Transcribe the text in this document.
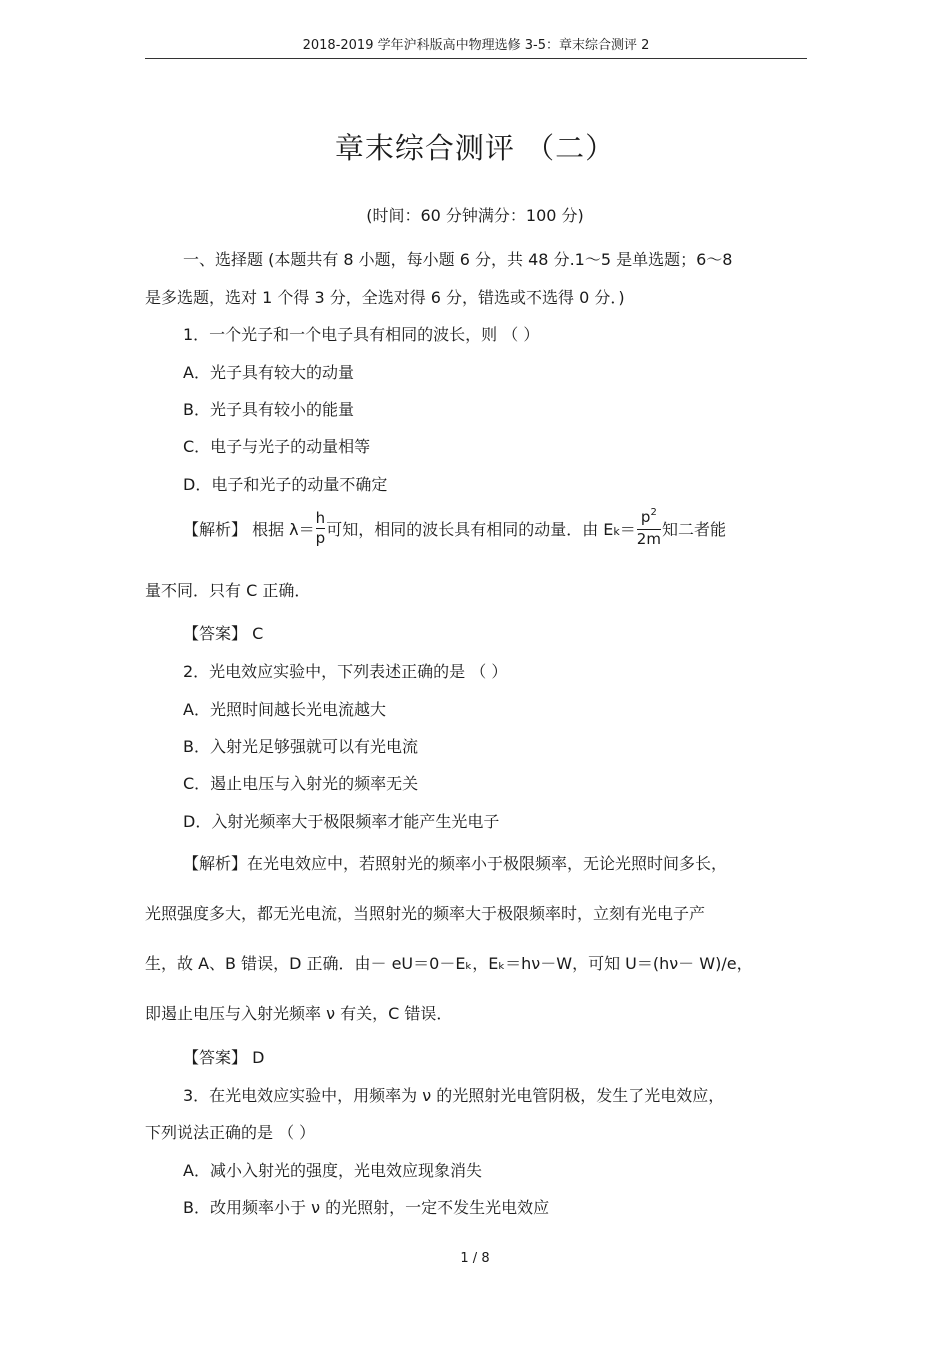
2018-2019 学年沪科版高中物理选修 3-5：章末综合测评 2
章末综合测评 （二）
(时间：60 分钟满分：100 分)
一、选择题 (本题共有 8 小题，每小题 6 分，共 48 分.1～5 是单选题；6～8
是多选题，选对 1 个得 3 分，全选对得 6 分，错选或不选得 0 分．)
1．一个光子和一个电子具有相同的波长，则 （ ）
A．光子具有较大的动量
B．光子具有较小的能量
C．电子与光子的动量相等
D．电子和光子的动量不确定
【解析】 根据 $\lambda= \frac{h}{p}$ 可知，相同的波长具有相同的动量．由 $Ek= \frac{p^2}{2m}$ 知二者能
量不同．只有 C 正确．
【答案】 C
2．光电效应实验中，下列表述正确的是 （ ）
A．光照时间越长光电流越大
B．入射光足够强就可以有光电流
C．遏止电压与入射光的频率无关
D．入射光频率大于极限频率才能产生光电子
【解析】在光电效应中，若照射光的频率小于极限频率，无论光照时间多长，
光照强度多大，都无光电流，当照射光的频率大于极限频率时，立刻有光电子产
生，故 A、B 错误，D 正确．由－ eU＝0－Eₖ，Eₖ＝hν－W，可知 U＝(hν－ W)/e，
即遏止电压与入射光频率 ν 有关，C 错误．
【答案】 D
3．在光电效应实验中，用频率为 ν 的光照射光电管阴极，发生了光电效应，
下列说法正确的是 （ ）
A．减小入射光的强度，光电效应现象消失
B．改用频率小于 ν 的光照射，一定不发生光电效应
1 / 8
